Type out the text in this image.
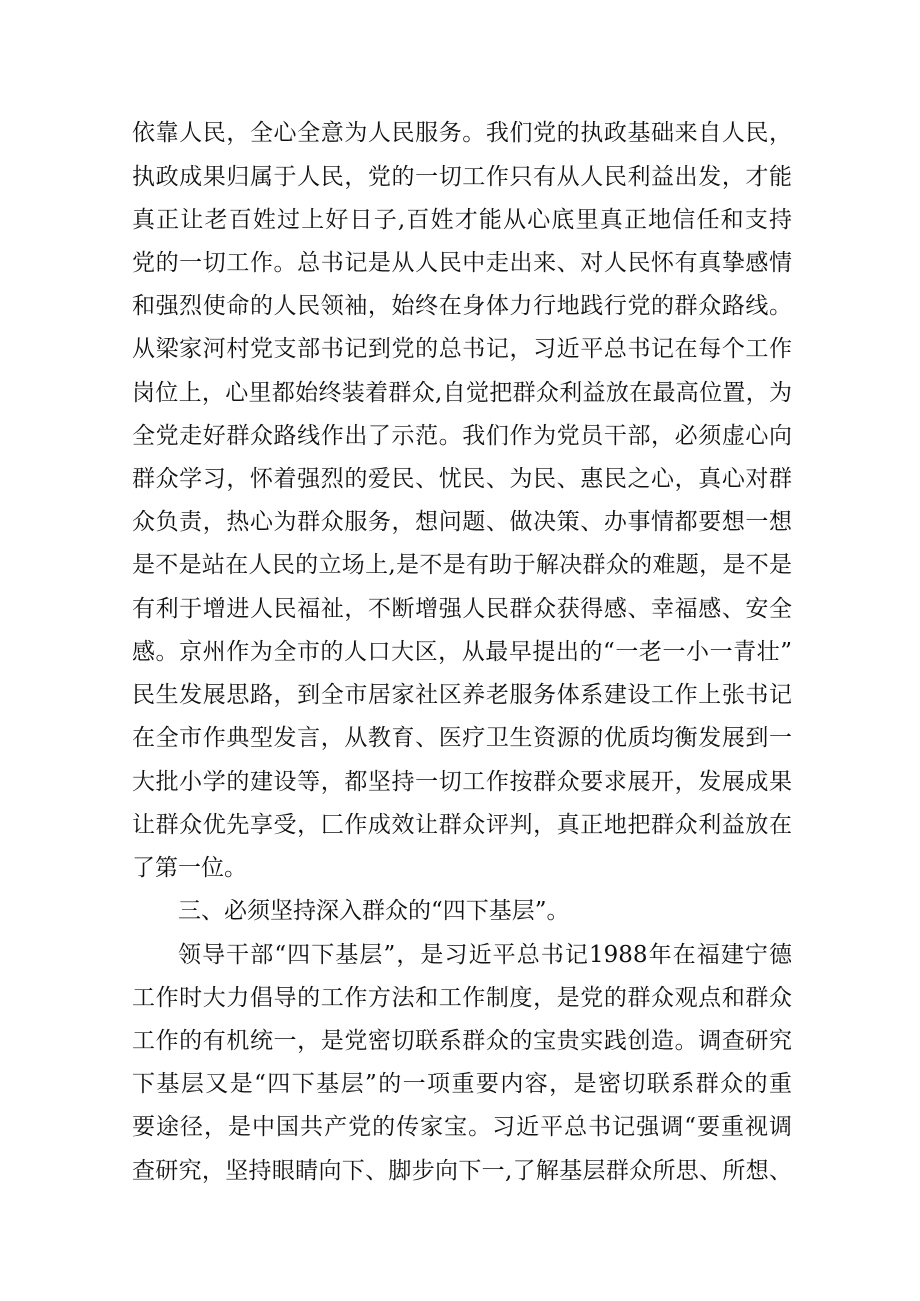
依靠人民，全心全意为人民服务。我们党的执政基础来自人民，
执政成果归属于人民，党的一切工作只有从人民利益出发，才能
真正让老百姓过上好日子,百姓才能从心底里真正地信任和支持
党的一切工作。总书记是从人民中走出来、对人民怀有真挚感情
和强烈使命的人民领袖，始终在身体力行地践行党的群众路线。
从梁家河村党支部书记到党的总书记，习近平总书记在每个工作
岗位上，心里都始终装着群众,自觉把群众利益放在最高位置，为
全党走好群众路线作出了示范。我们作为党员干部，必须虚心向
群众学习，怀着强烈的爱民、忧民、为民、惠民之心，真心对群
众负责，热心为群众服务，想问题、做决策、办事情都要想一想
是不是站在人民的立场上,是不是有助于解决群众的难题，是不是
有利于增进人民福祉，不断增强人民群众获得感、幸福感、安全
感。京州作为全市的人口大区，从最早提出的“一老一小一青壮”
民生发展思路，到全市居家社区养老服务体系建设工作上张书记
在全市作典型发言，从教育、医疗卫生资源的优质均衡发展到一
大批小学的建设等，都坚持一切工作按群众要求展开，发展成果
让群众优先享受，匚作成效让群众评判，真正地把群众利益放在
了第一位。
三、必须坚持深入群众的“四下基层”。
领导干部“四下基层”，是习近平总书记1988年在福建宁德
工作时大力倡导的工作方法和工作制度，是党的群众观点和群众
工作的有机统一，是党密切联系群众的宝贵实践创造。调查研究
下基层又是“四下基层”的一项重要内容，是密切联系群众的重
要途径，是中国共产党的传家宝。习近平总书记强调“要重视调
查研究，坚持眼睛向下、脚步向下一,了解基层群众所思、所想、
